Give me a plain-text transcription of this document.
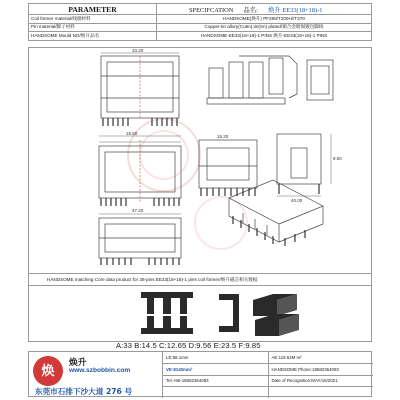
PARAMETER	SPECIFCATION 品名: 焕升 EE33(18+18)-1
Coil former material/线圈材料	HANDSOME(焕升) PF268/T200H//T370
Pin material/脚子材料	Copper-tin allory(Cu6n),tin(Sn) plated/铜合金镀锡镀包脚线
HANDSOME Mould NO/焕升品名	HANDSOME-EE33(18+18)-1 PINS 焕升-EE33(18+18)-1 PINS
33.20
16.50
15.20
47.20
9.00
40.00
HANDSOME matching Core data product for 36-pins EE33(18+18)-1 pins coil former/焕升磁芯相关数据
A:33 B:14.5 C:12.65 D:9.56 E:23.5 F:9.85
焕	焕升
www.szbobbin.com
东莞市石排下沙大道 276 号
LE:68.1mm	AE:119.62M m²
VE:8140mm³	HANDSOME Phone:18682364083
Tel:+86-18682364083	Date of Recognition:MAY/16/2021
